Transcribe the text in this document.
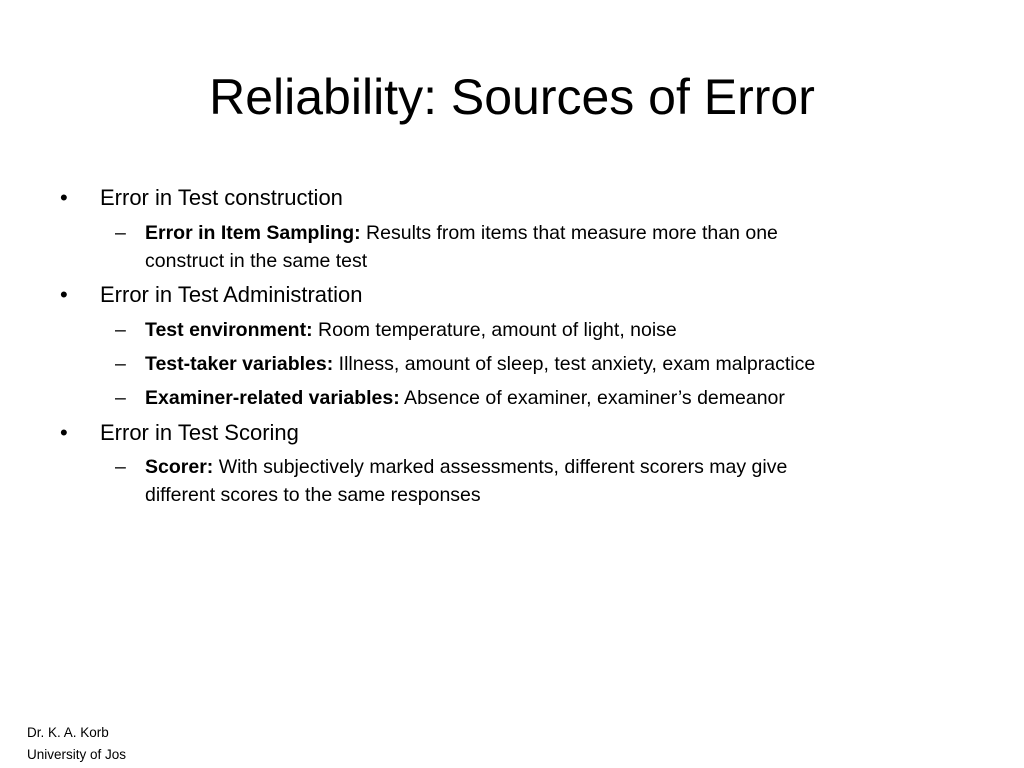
Reliability: Sources of Error
• Error in Test construction
– Error in Item Sampling: Results from items that measure more than one
construct in the same test
• Error in Test Administration
– Test environment: Room temperature, amount of light, noise
– Test-taker variables: Illness, amount of sleep, test anxiety, exam malpractice
– Examiner-related variables: Absence of examiner, examiner’s demeanor
• Error in Test Scoring
– Scorer: With subjectively marked assessments, different scorers may give
different scores to the same responses
Dr. K. A. Korb
University of Jos
